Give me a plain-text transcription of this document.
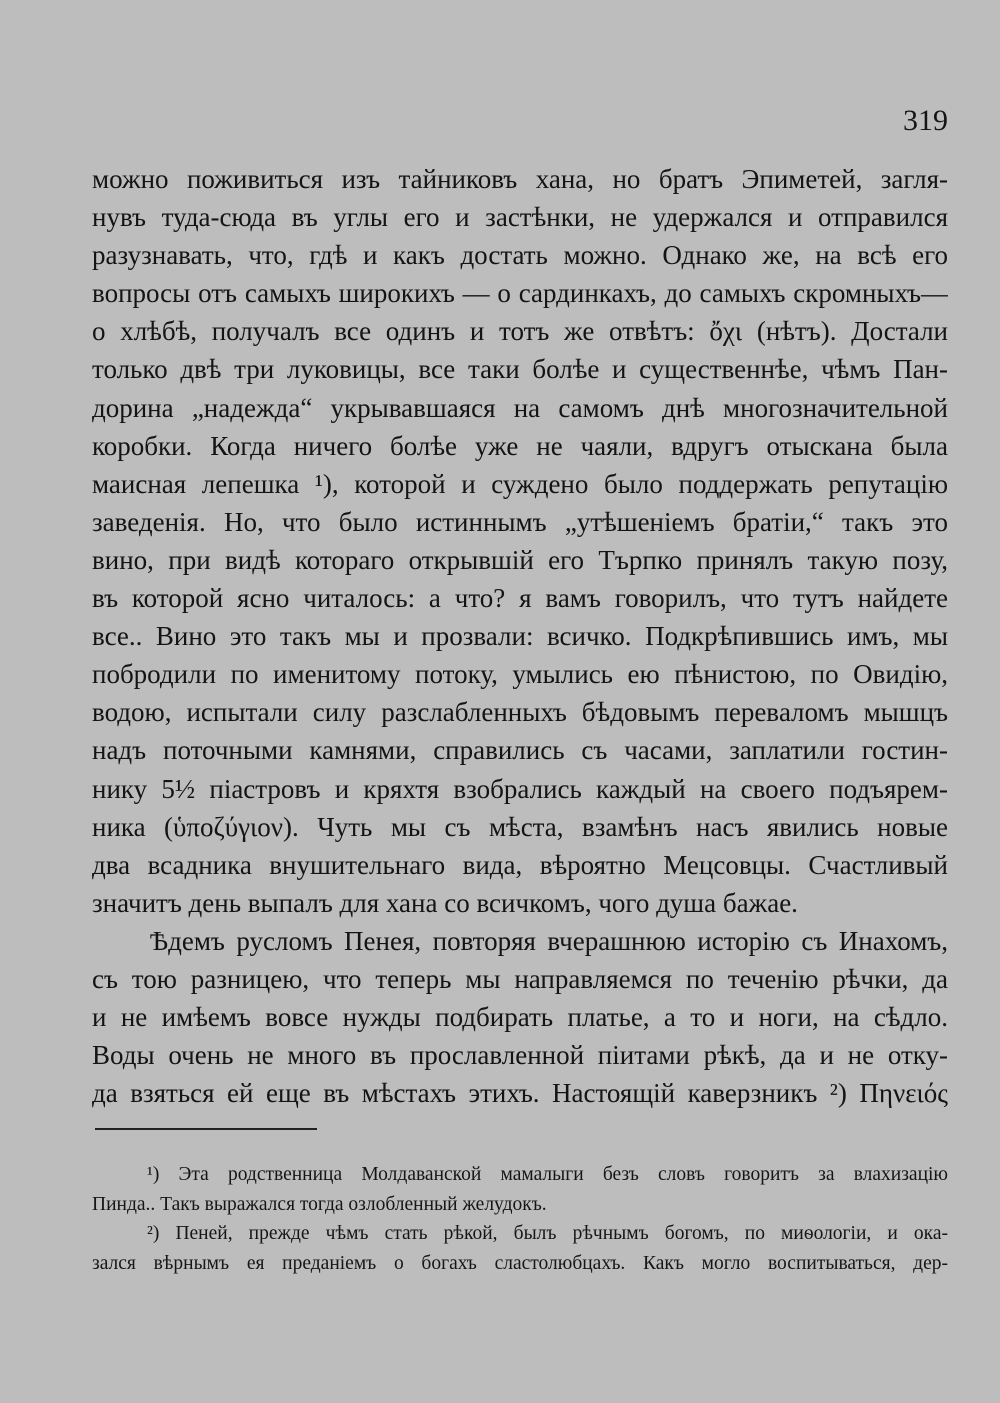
319
можно поживиться изъ тайниковъ хана, но братъ Эпиметей, загля-
нувъ туда-сюда въ углы его и застѣнки, не удержался и отправился
разузнавать, что, гдѣ и какъ достать можно. Однако же, на всѣ его
вопросы отъ самыхъ широкихъ — о сардинкахъ, до самыхъ скромныхъ—
о хлѣбѣ, получалъ все одинъ и тотъ же отвѣтъ: ὄχι (нѣтъ). Достали
только двѣ три луковицы, все таки болѣе и существеннѣе, чѣмъ Пан-
дорина „надежда“ укрывавшаяся на самомъ днѣ многозначительной
коробки. Когда ничего болѣе уже не чаяли, вдругъ отыскана была
маисная лепешка ¹), которой и суждено было поддержать репутацію
заведенія. Но, что было истиннымъ „утѣшеніемъ братіи,“ такъ это
вино, при видѣ котораго открывшій его Търпко принялъ такую позу,
въ которой ясно читалось: а что? я вамъ говорилъ, что тутъ найдете
все.. Вино это такъ мы и прозвали: всичко. Подкрѣпившись имъ, мы
побродили по именитому потоку, умылись ею пѣнистою, по Овидію,
водою, испытали силу разслабленныхъ бѣдовымъ перевaломъ мышцъ
надъ поточными камнями, справились съ часами, заплатили гостин-
нику 5½ піастровъ и кряхтя взобрались каждый на своего подъярем-
ника (ὑποζύγιον). Чуть мы съ мѣста, взамѣнъ насъ явились новые
два всадника внушительнаго вида, вѣроятно Мецcовцы. Счастливый
значитъ день выпалъ для хана со всичкомъ, чого душа бажае.
Ѣдемъ русломъ Пенея, повторяя вчерашнюю исторію съ Инахомъ,
съ тою разницею, что теперь мы направляемся по теченію рѣчки, да
и не имѣемъ вовсе нужды подбирать платье, а то и ноги, на сѣдло.
Воды очень не много въ прославленной пiитами рѣкѣ, да и не отку-
да взяться ей еще въ мѣстахъ этихъ. Настоящій каверзникъ ²) Πηνειός
¹) Эта родственница Молдаванской мамалыги безъ словъ говоритъ за влахизацію
Пинда.. Такъ выражался тогда озлобленный желудокъ.
²) Пеней, прежде чѣмъ стать рѣкой, былъ рѣчнымъ богомъ, по миѳологіи, и ока-
зался вѣрнымъ ея преданіемъ о богахъ сластолюбцахъ. Какъ могло воспитываться, дер-
